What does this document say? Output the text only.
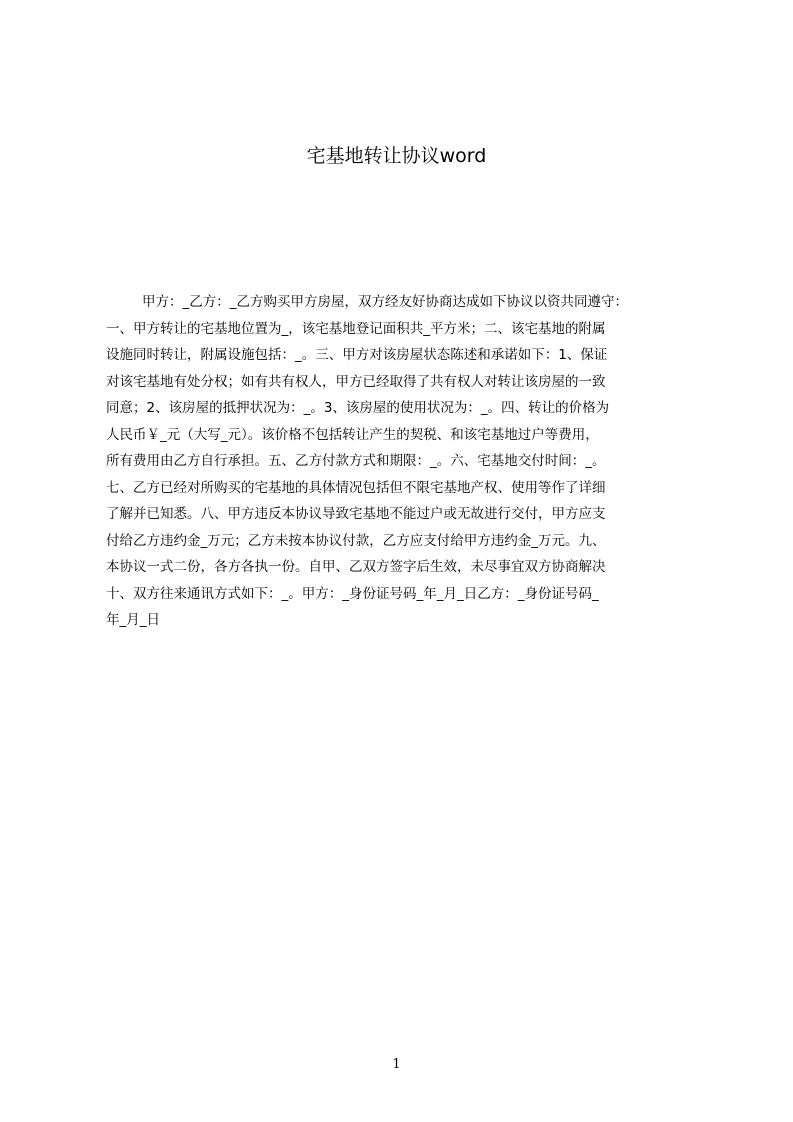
宅基地转让协议word
甲方：_乙方：_乙方购买甲方房屋，双方经友好协商达成如下协议以资共同遵守：
一、甲方转让的宅基地位置为_，该宅基地登记面积共_平方米；二、该宅基地的附属
设施同时转让，附属设施包括：_。三、甲方对该房屋状态陈述和承诺如下：1、保证
对该宅基地有处分权；如有共有权人，甲方已经取得了共有权人对转让该房屋的一致
同意；2、该房屋的抵押状况为：_。3、该房屋的使用状况为：_。四、转让的价格为
人民币￥_元（大写_元）。该价格不包括转让产生的契税、和该宅基地过户等费用，
所有费用由乙方自行承担。五、乙方付款方式和期限：_。六、宅基地交付时间：_。
七、乙方已经对所购买的宅基地的具体情况包括但不限宅基地产权、使用等作了详细
了解并已知悉。八、甲方违反本协议导致宅基地不能过户或无故进行交付，甲方应支
付给乙方违约金_万元；乙方未按本协议付款，乙方应支付给甲方违约金_万元。九、
本协议一式二份，各方各执一份。自甲、乙双方签字后生效，未尽事宜双方协商解决
十、双方往来通讯方式如下：_。甲方：_身份证号码_年_月_日乙方：_身份证号码_
年_月_日
1
